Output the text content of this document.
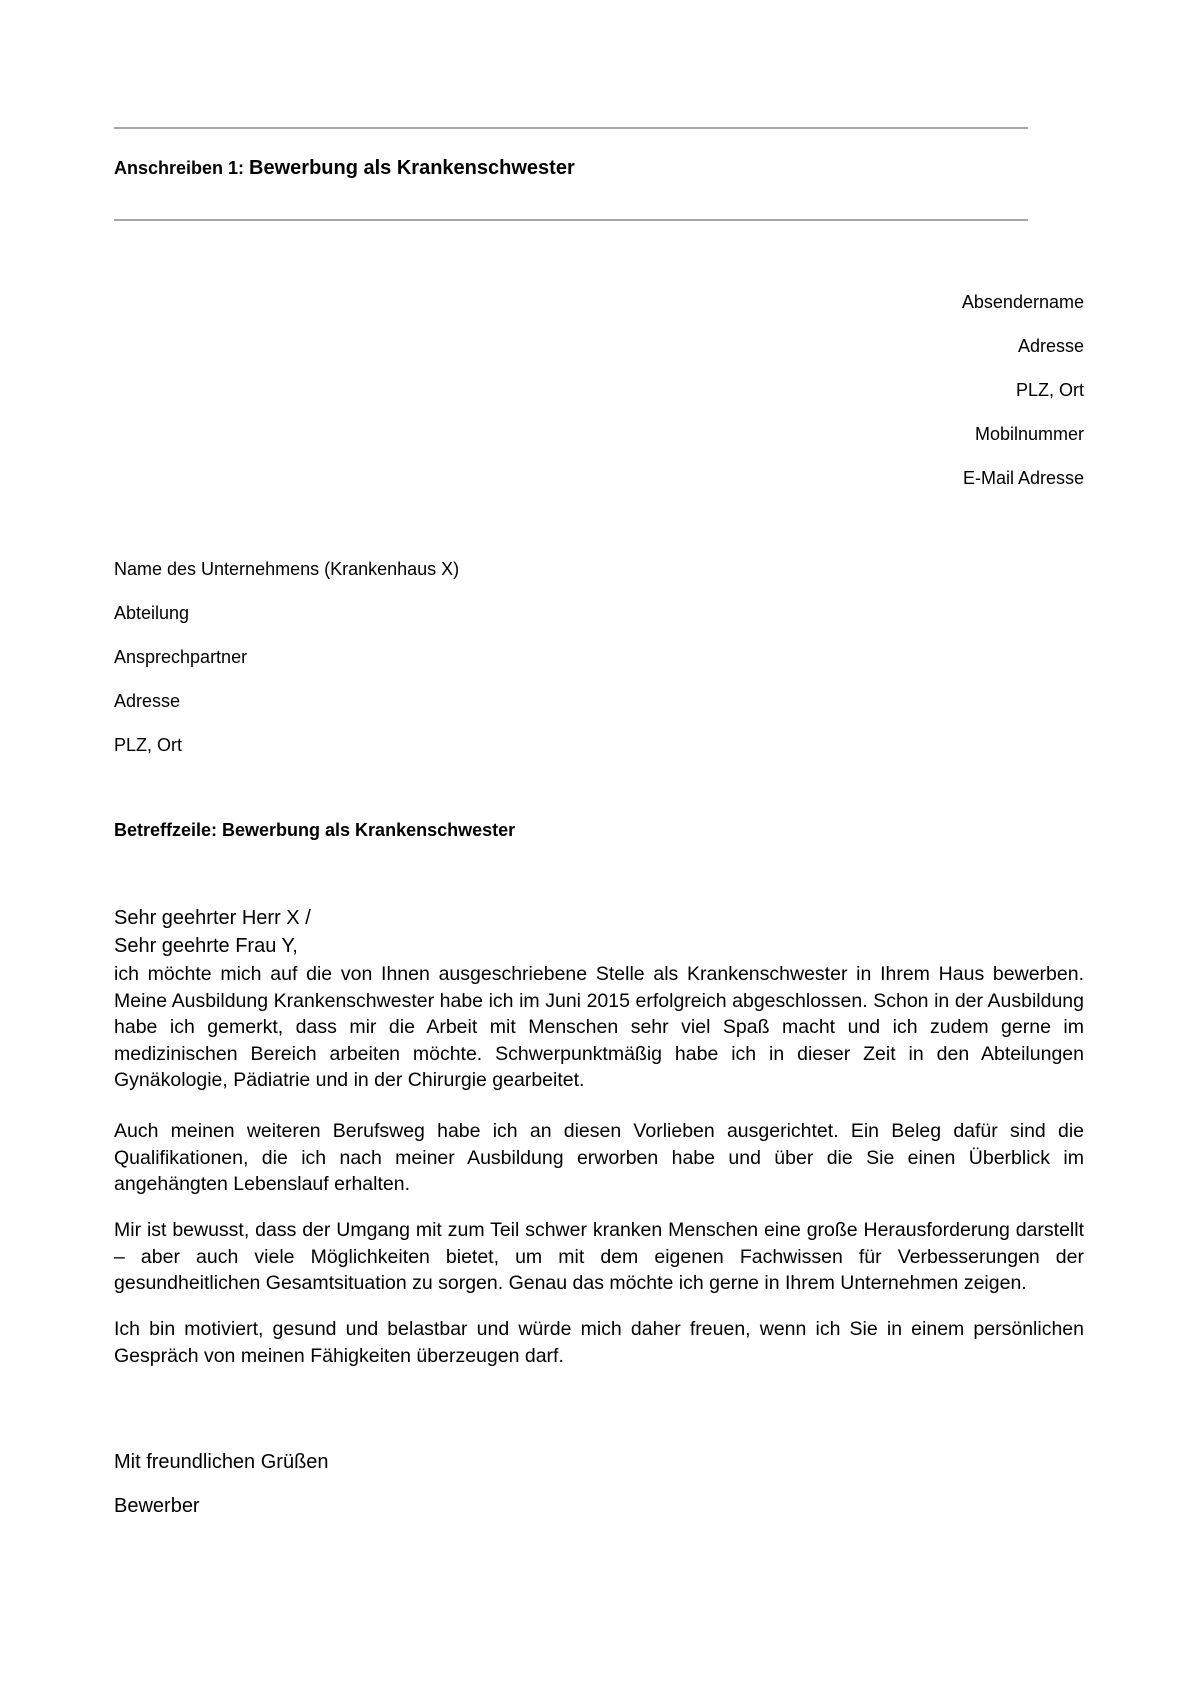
Anschreiben 1: Bewerbung als Krankenschwester
Absendername
Adresse
PLZ, Ort
Mobilnummer
E-Mail Adresse
Name des Unternehmens (Krankenhaus X)
Abteilung
Ansprechpartner
Adresse
PLZ, Ort
Betreffzeile: Bewerbung als Krankenschwester
Sehr geehrter Herr X /
Sehr geehrte Frau Y,

ich möchte mich auf die von Ihnen ausgeschriebene Stelle als Krankenschwester in Ihrem Haus bewerben. Meine Ausbildung Krankenschwester habe ich im Juni 2015 erfolgreich abgeschlossen. Schon in der Ausbildung habe ich gemerkt, dass mir die Arbeit mit Menschen sehr viel Spaß macht und ich zudem gerne im medizinischen Bereich arbeiten möchte. Schwerpunktmäßig habe ich in dieser Zeit in den Abteilungen Gynäkologie, Pädiatrie und in der Chirurgie gearbeitet.

Auch meinen weiteren Berufsweg habe ich an diesen Vorlieben ausgerichtet. Ein Beleg dafür sind die Qualifikationen, die ich nach meiner Ausbildung erworben habe und über die Sie einen Überblick im angehängten Lebenslauf erhalten.

Mir ist bewusst, dass der Umgang mit zum Teil schwer kranken Menschen eine große Herausforderung darstellt – aber auch viele Möglichkeiten bietet, um mit dem eigenen Fachwissen für Verbesserungen der gesundheitlichen Gesamtsituation zu sorgen. Genau das möchte ich gerne in Ihrem Unternehmen zeigen.

Ich bin motiviert, gesund und belastbar und würde mich daher freuen, wenn ich Sie in einem persönlichen Gespräch von meinen Fähigkeiten überzeugen darf.

Mit freundlichen Grüßen
Bewerber
